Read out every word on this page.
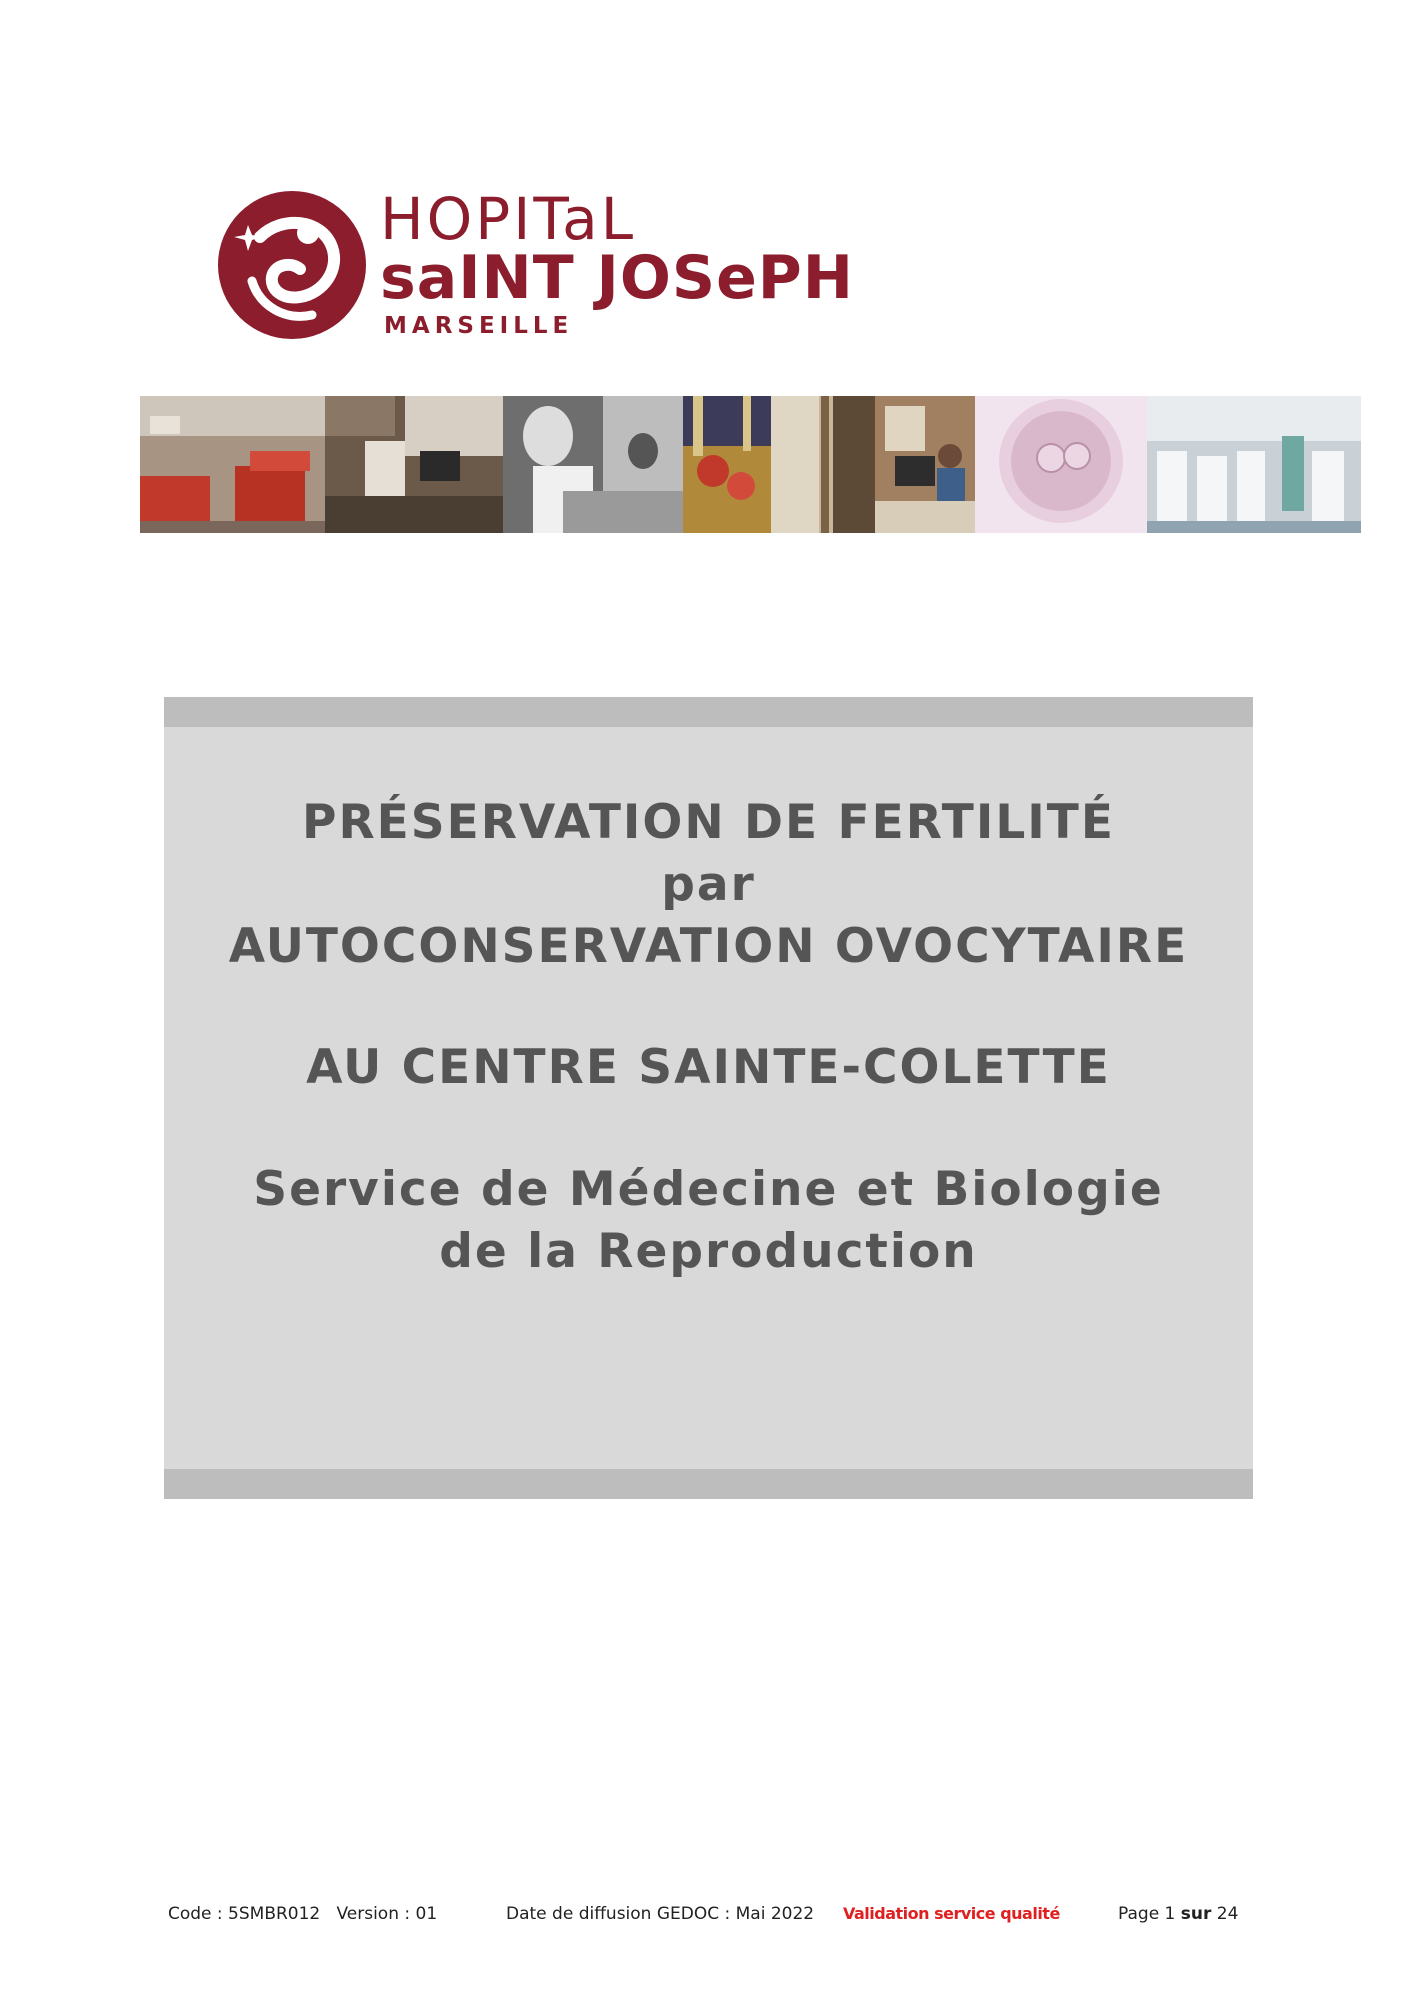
HOPITaL
saINT JOSePH
MARSEILLE

PRÉSERVATION DE FERTILITÉ

par

AUTOCONSERVATION OVOCYTAIRE

AU CENTRE SAINTE-COLETTE

Service de Médecine et Biologie

de la Reproduction

Code : 5SMBR012   Version : 01	Date de diffusion GEDOC : Mai 2022 Validation service qualité	Page 1 sur 24
